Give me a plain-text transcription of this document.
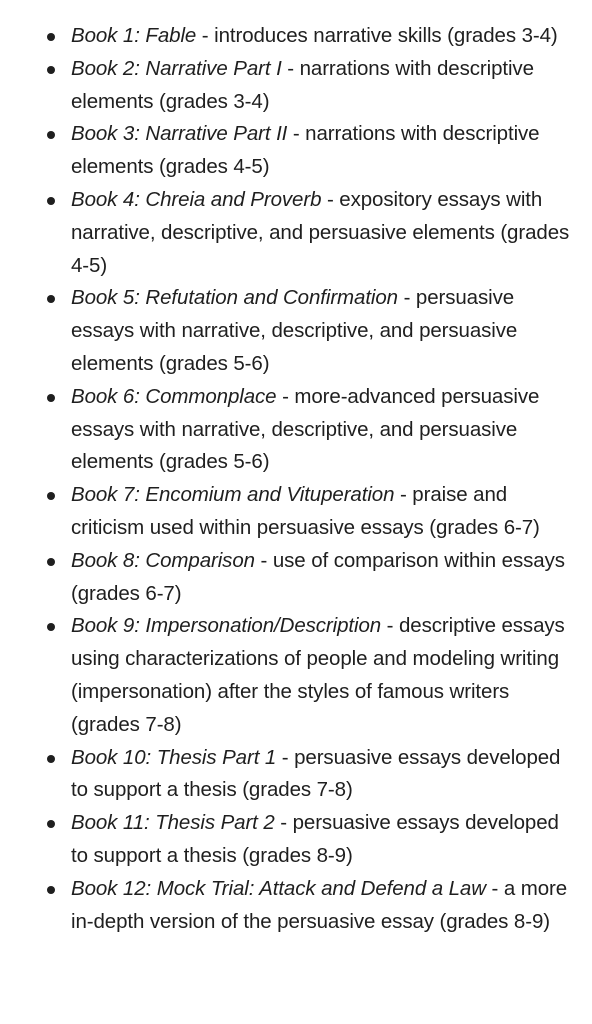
Book 1: Fable - introduces narrative skills (grades 3-4)
Book 2: Narrative Part I - narrations with descriptive elements (grades 3-4)
Book 3: Narrative Part II - narrations with descriptive elements (grades 4-5)
Book 4: Chreia and Proverb - expository essays with narrative, descriptive, and persuasive elements (grades 4-5)
Book 5: Refutation and Confirmation - persuasive essays with narrative, descriptive, and persuasive elements (grades 5-6)
Book 6: Commonplace - more-advanced persuasive essays with narrative, descriptive, and persuasive elements (grades 5-6)
Book 7: Encomium and Vituperation - praise and criticism used within persuasive essays (grades 6-7)
Book 8: Comparison - use of comparison within essays (grades 6-7)
Book 9: Impersonation/Description - descriptive essays using characterizations of people and modeling writing (impersonation) after the styles of famous writers (grades 7-8)
Book 10: Thesis Part 1 - persuasive essays developed to support a thesis (grades 7-8)
Book 11: Thesis Part 2 - persuasive essays developed to support a thesis (grades 8-9)
Book 12: Mock Trial: Attack and Defend a Law - a more in-depth version of the persuasive essay (grades 8-9)
